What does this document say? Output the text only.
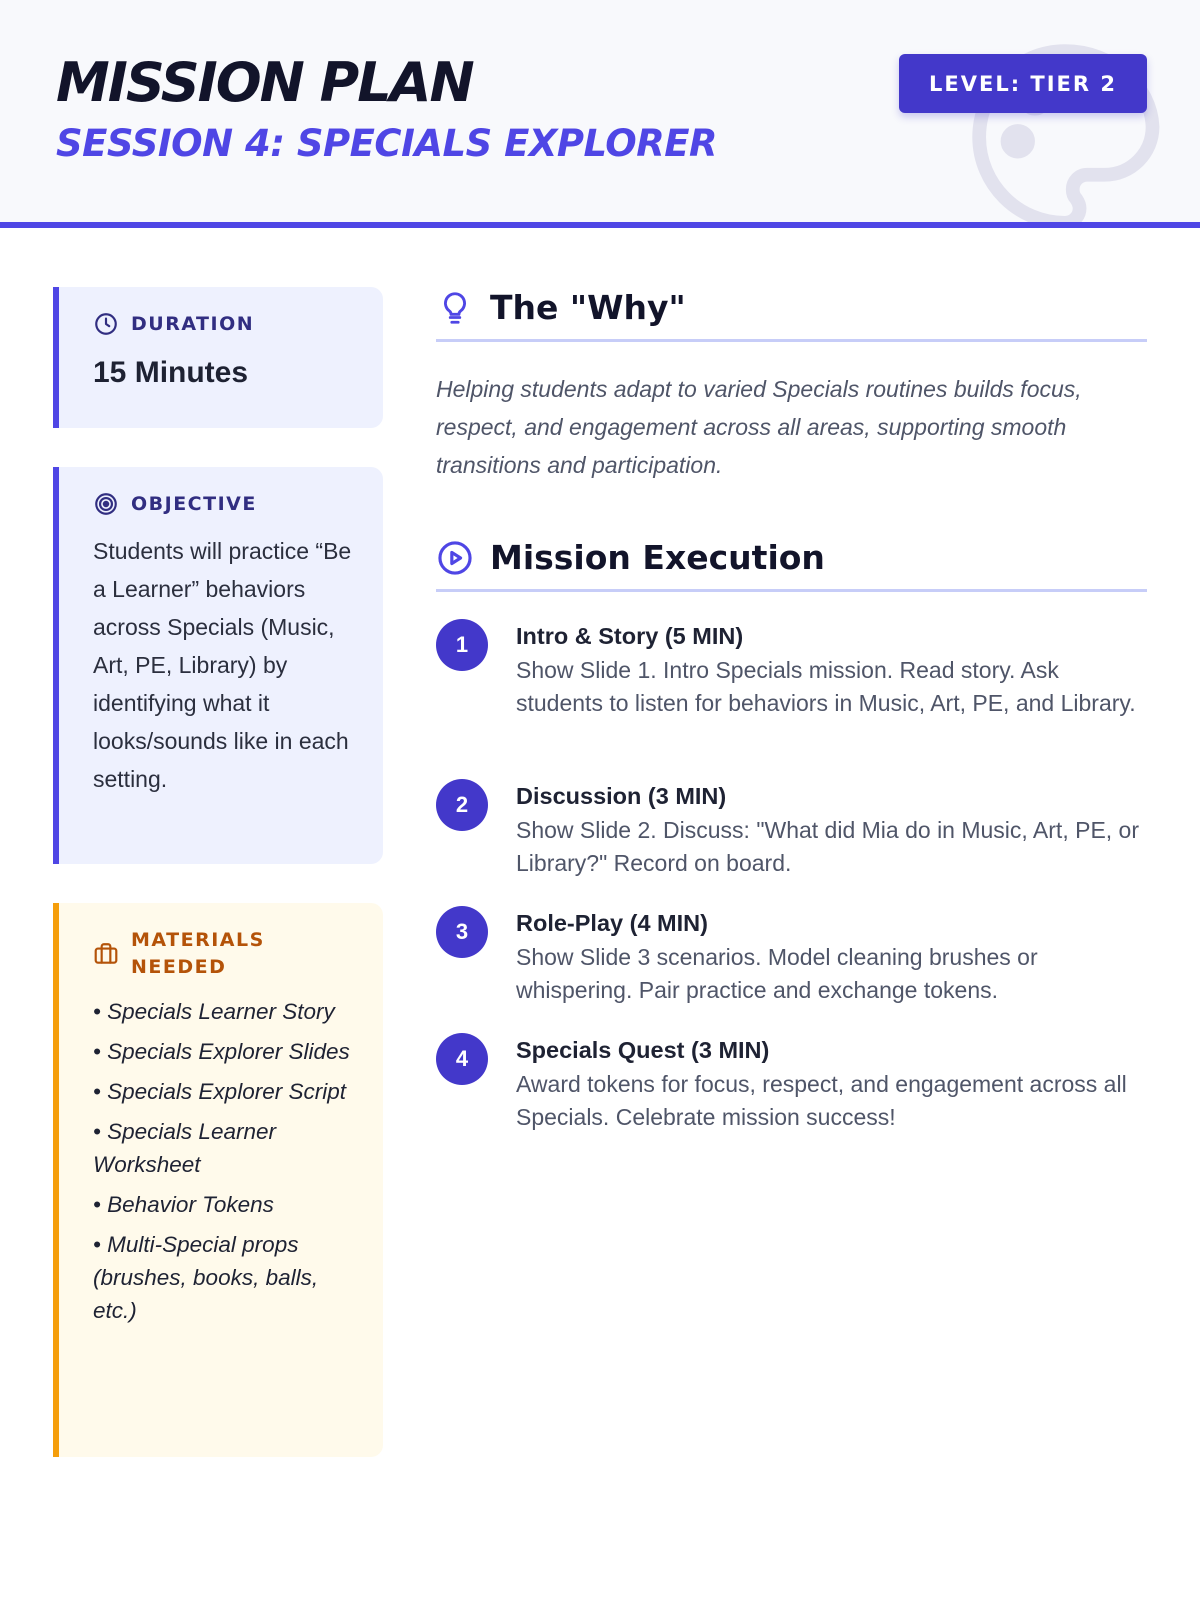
MISSION PLAN
SESSION 4: SPECIALS EXPLORER
LEVEL: TIER 2
DURATION
15 Minutes
OBJECTIVE
Students will practice “Be a Learner” behaviors across Specials (Music, Art, PE, Library) by identifying what it looks/sounds like in each setting.
MATERIALS
NEEDED
• Specials Learner Story
• Specials Explorer Slides
• Specials Explorer Script
• Specials Learner Worksheet
• Behavior Tokens
• Multi-Special props (brushes, books, balls, etc.)
The "Why"
Helping students adapt to varied Specials routines builds focus, respect, and engagement across all areas, supporting smooth transitions and participation.
Mission Execution
1	Intro & Story (5 MIN)
Show Slide 1. Intro Specials mission. Read story. Ask students to listen for behaviors in Music, Art, PE, and Library.
2	Discussion (3 MIN)
Show Slide 2. Discuss: "What did Mia do in Music, Art, PE, or Library?" Record on board.
3	Role-Play (4 MIN)
Show Slide 3 scenarios. Model cleaning brushes or whispering. Pair practice and exchange tokens.
4	Specials Quest (3 MIN)
Award tokens for focus, respect, and engagement across all Specials. Celebrate mission success!
